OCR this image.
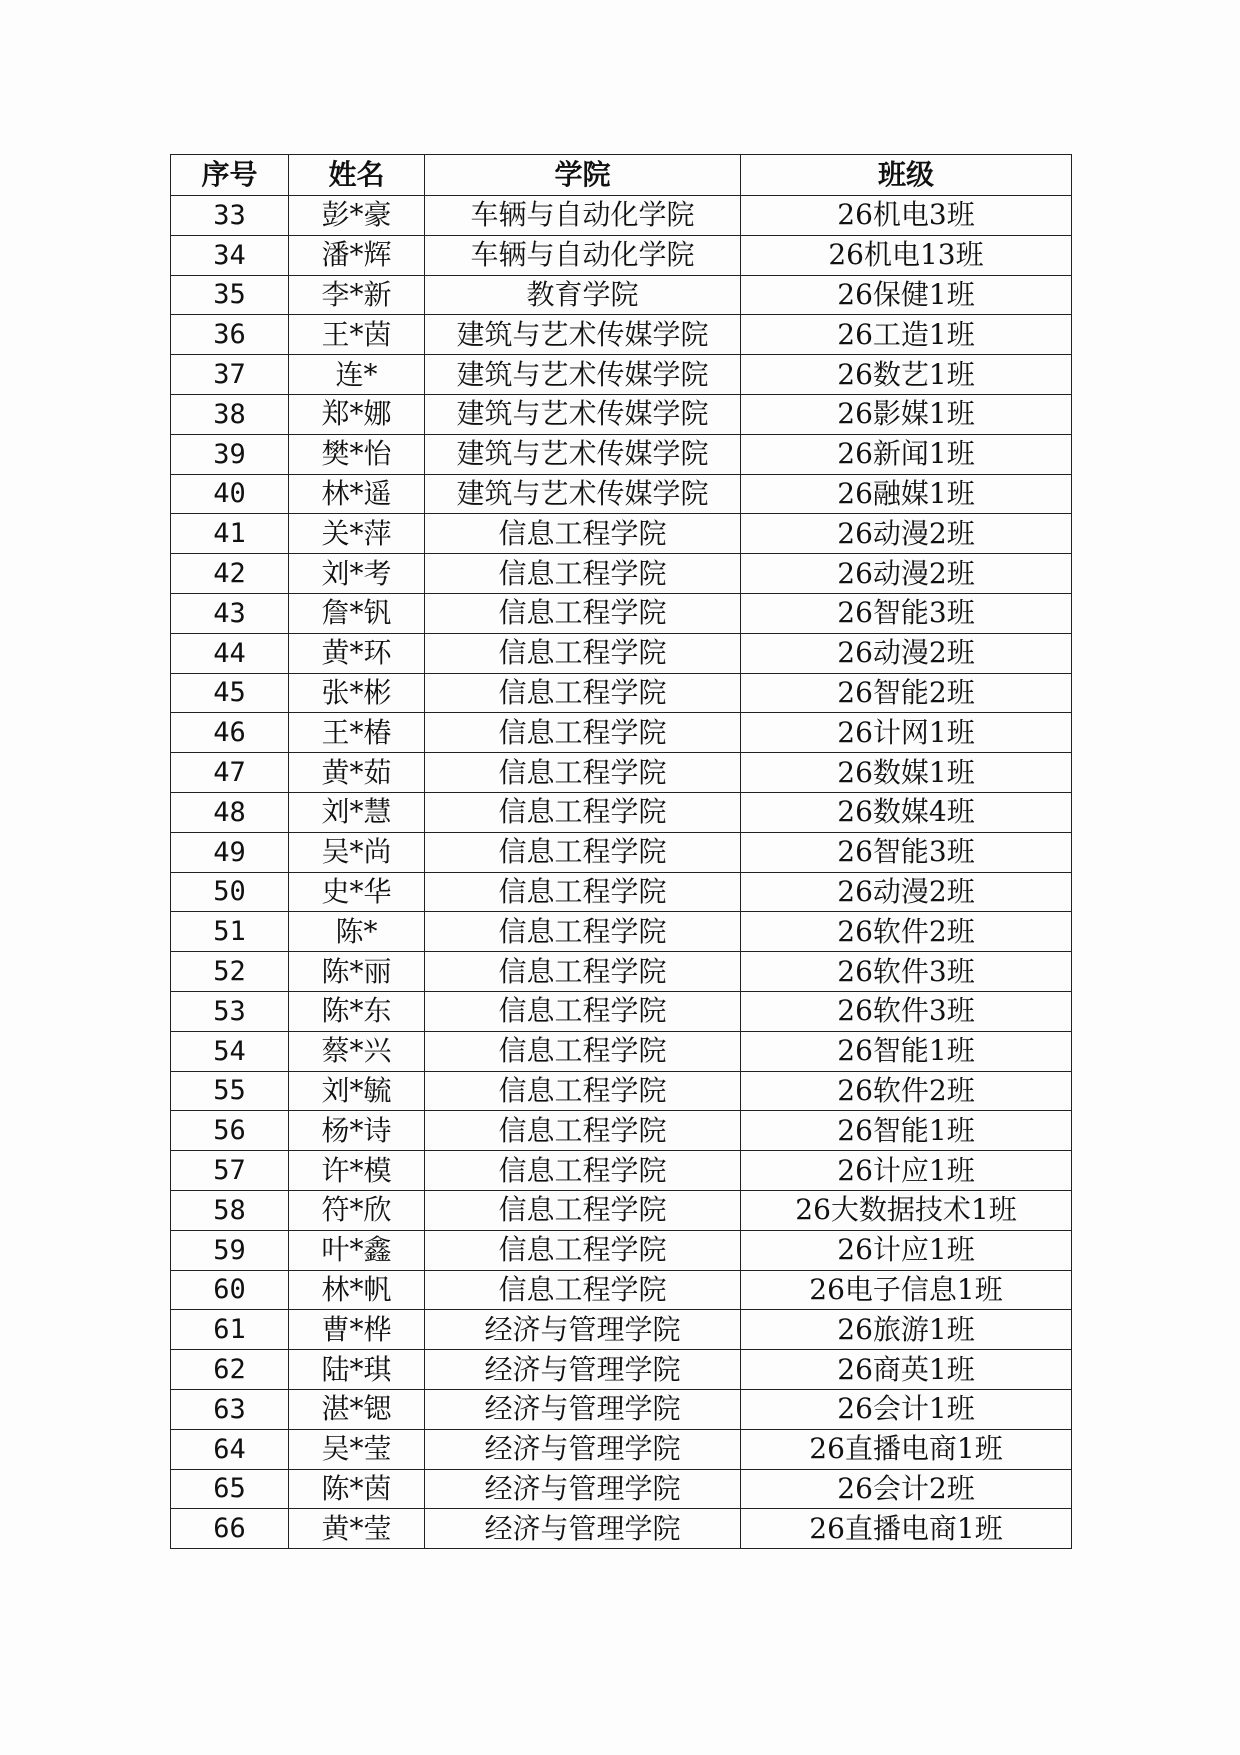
序号	姓名	学院	班级
33	彭*豪	车辆与自动化学院	26机电3班
34	潘*辉	车辆与自动化学院	26机电13班
35	李*新	教育学院	26保健1班
36	王*茵	建筑与艺术传媒学院	26工造1班
37	连*	建筑与艺术传媒学院	26数艺1班
38	郑*娜	建筑与艺术传媒学院	26影媒1班
39	樊*怡	建筑与艺术传媒学院	26新闻1班
40	林*遥	建筑与艺术传媒学院	26融媒1班
41	关*萍	信息工程学院	26动漫2班
42	刘*考	信息工程学院	26动漫2班
43	詹*钒	信息工程学院	26智能3班
44	黄*环	信息工程学院	26动漫2班
45	张*彬	信息工程学院	26智能2班
46	王*椿	信息工程学院	26计网1班
47	黄*茹	信息工程学院	26数媒1班
48	刘*慧	信息工程学院	26数媒4班
49	吴*尚	信息工程学院	26智能3班
50	史*华	信息工程学院	26动漫2班
51	陈*	信息工程学院	26软件2班
52	陈*丽	信息工程学院	26软件3班
53	陈*东	信息工程学院	26软件3班
54	蔡*兴	信息工程学院	26智能1班
55	刘*毓	信息工程学院	26软件2班
56	杨*诗	信息工程学院	26智能1班
57	许*模	信息工程学院	26计应1班
58	符*欣	信息工程学院	26大数据技术1班
59	叶*鑫	信息工程学院	26计应1班
60	林*帆	信息工程学院	26电子信息1班
61	曹*桦	经济与管理学院	26旅游1班
62	陆*琪	经济与管理学院	26商英1班
63	湛*锶	经济与管理学院	26会计1班
64	吴*莹	经济与管理学院	26直播电商1班
65	陈*茵	经济与管理学院	26会计2班
66	黄*莹	经济与管理学院	26直播电商1班
